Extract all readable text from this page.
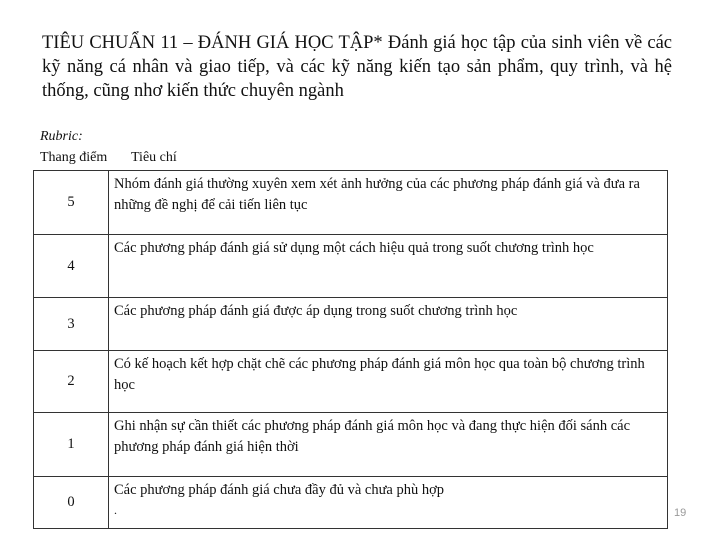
TIÊU CHUẨN 11 – ĐÁNH GIÁ HỌC TẬP* Đánh giá học tập của sinh viên về các kỹ năng cá nhân và giao tiếp, và các kỹ năng kiến tạo sản phẩm, quy trình, và hệ thống, cũng nhơ kiến thức chuyên ngành
Rubric:
Thang điểm Tiêu chí
5	Nhóm đánh giá thường xuyên xem xét ảnh hưởng của các phương pháp đánh giá và đưa ra những đề nghị để cải tiến liên tục
4	Các phương pháp đánh giá sử dụng một cách hiệu quả trong suốt chương trình học
3	Các phương pháp đánh giá được áp dụng trong suốt chương trình học
2	Có kế hoạch kết hợp chặt chẽ các phương pháp đánh giá môn học qua toàn bộ chương trình học
1	Ghi nhận sự cần thiết các phương pháp đánh giá môn học và đang thực hiện đối sánh các phương pháp đánh giá hiện thời
0	Các phương pháp đánh giá chưa đầy đủ và chưa phù hợp
.	19
